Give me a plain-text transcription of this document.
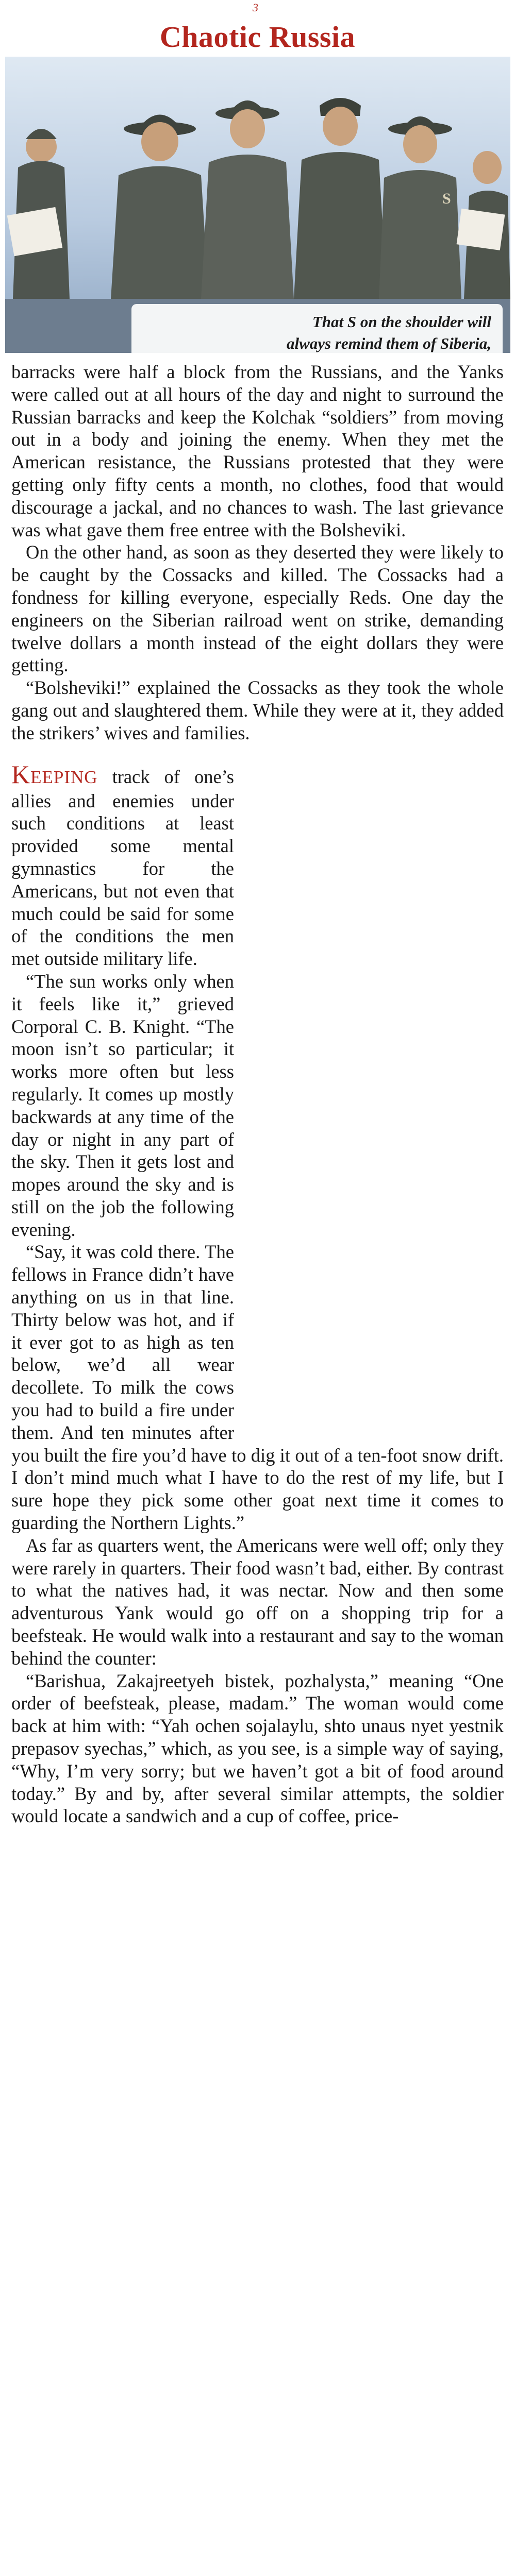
3
Chaotic Russia
S
That S on the shoulder will
always remind them of Siberia,

barracks were half a block from the Russians, and the Yanks were called out at all hours of the day and night to surround the Russian barracks and keep the Kolchak “soldiers” from moving out in a body and joining the enemy. When they met the American resistance, the Russians protested that they were getting only fifty cents a month, no clothes, food that would discourage a jackal, and no chances to wash. The last grievance was what gave them free entree with the Bolsheviki.

On the other hand, as soon as they deserted they were likely to be caught by the Cossacks and killed. The Cossacks had a fondness for killing everyone, especially Reds. One day the engineers on the Siberian railroad went on strike, demanding twelve dollars a month instead of the eight dollars they were getting.

“Bolsheviki!” explained the Cossacks as they took the whole gang out and slaughtered them. While they were at it, they added the strikers’ wives and families.

Keeping track of one’s allies and enemies under such conditions at least provided some mental gymnastics for the Americans, but not even that much could be said for some of the conditions the men met outside military life.

“The sun works only when it feels like it,” grieved Corporal C. B. Knight. “The moon isn’t so particular; it works more often but less regularly. It comes up mostly backwards at any time of the day or night in any part of the sky. Then it gets lost and mopes around the sky and is still on the job the following evening.

“Say, it was cold there. The fellows in France didn’t have anything on us in that line. Thirty below was hot, and if it ever got to as high as ten below, we’d all wear decollete. To milk the cows you had to build a fire under them. And ten minutes after you built the fire you’d have to dig it out of a ten-foot snow drift. I don’t mind much what I have to do the rest of my life, but I sure hope they pick some other goat next time it comes to guarding the Northern Lights.”

As far as quarters went, the Americans were well off; only they were rarely in quarters. Their food wasn’t bad, either. By contrast to what the natives had, it was nectar. Now and then some adventurous Yank would go off on a shopping trip for a beefsteak. He would walk into a restaurant and say to the woman behind the counter:

“Barishua, Zakajreetyeh bistek, pozhalysta,” meaning “One order of beefsteak, please, madam.” The woman would come back at him with: “Yah ochen sojalaylu, shto unaus nyet yestnik prepasov syechas,” which, as you see, is a simple way of saying, “Why, I’m very sorry; but we haven’t got a bit of food around today.” By and by, after several similar attempts, the soldier would locate a sandwich and a cup of coffee, price-
